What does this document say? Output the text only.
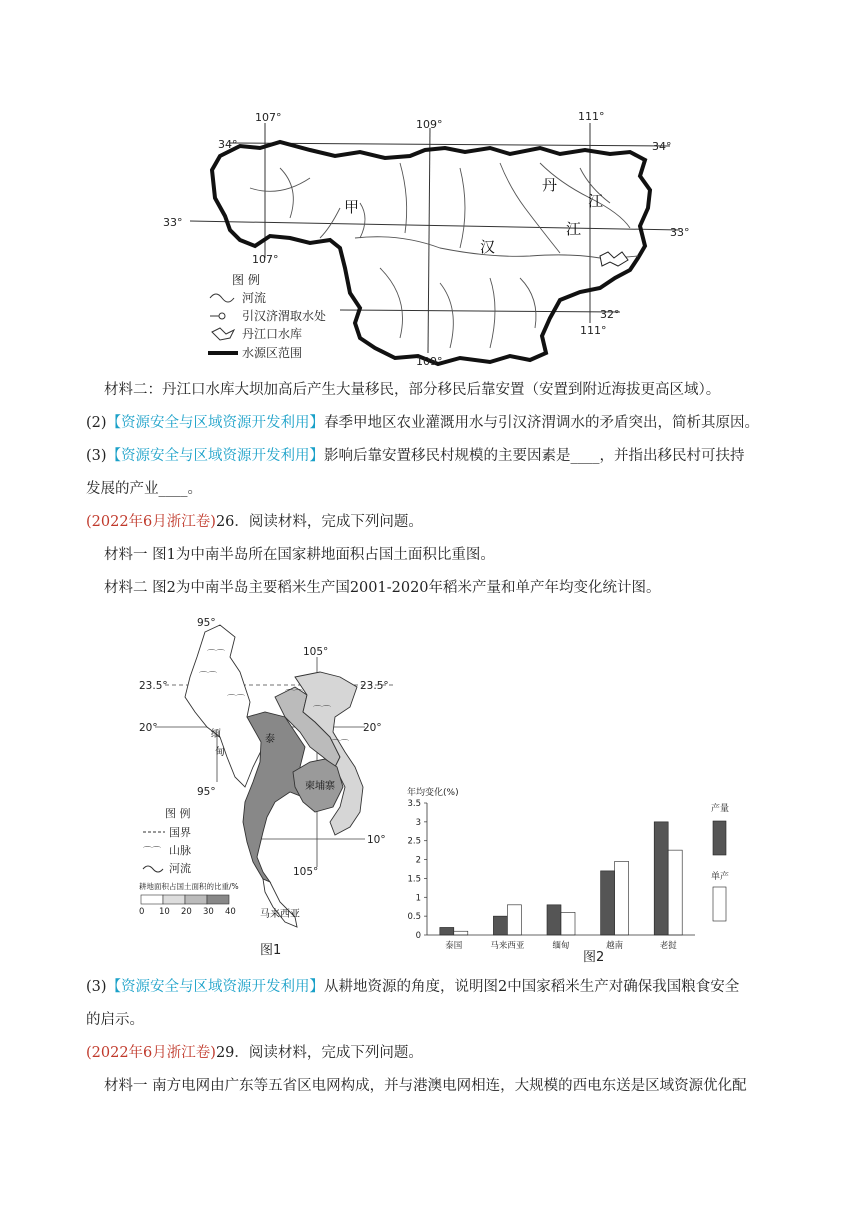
107°
109°
111°
34°
33°
34°
33°
32°
107°
109°
111°
甲
汉
江
丹
江
图 例
河流
引汉济渭取水处
丹江口水库
水源区范围
材料二：丹江口水库大坝加高后产生大量移民，部分移民后靠安置（安置到附近海拔更高区域）。
(2)【资源安全与区域资源开发利用】春季甲地区农业灌溉用水与引汉济渭调水的矛盾突出，简析其原因。
(3)【资源安全与区域资源开发利用】影响后靠安置移民村规模的主要因素是____，并指出移民村可扶持
发展的产业____。
(2022年6月浙江卷)26．阅读材料，完成下列问题。
材料一 图1为中南半岛所在国家耕地面积占国土面积比重图。
材料二 图2为中南半岛主要稻米生产国2001-2020年稻米产量和单产年均变化统计图。
⌒⌒
⌒⌒
⌒⌒	⌒⌒
⌒⌒
⌒⌒
95°
105°
95°
105°
23.5°
20°
23.5°
20°
10°
缅
甸
泰
柬埔寨
马来西亚
图 例
国界
⌒⌒ 山脉
河流
耕地面积占国土面积的比重/%
0 10 20 30 40
图1
年均变化(%)
0
0.5
1
1.5
2
2.5
3
3.5
泰国	马来西亚	缅甸	越南	老挝
产量
单产
图2
(3)【资源安全与区域资源开发利用】从耕地资源的角度，说明图2中国家稻米生产对确保我国粮食安全
的启示。
(2022年6月浙江卷)29．阅读材料，完成下列问题。
材料一 南方电网由广东等五省区电网构成，并与港澳电网相连，大规模的西电东送是区域资源优化配
